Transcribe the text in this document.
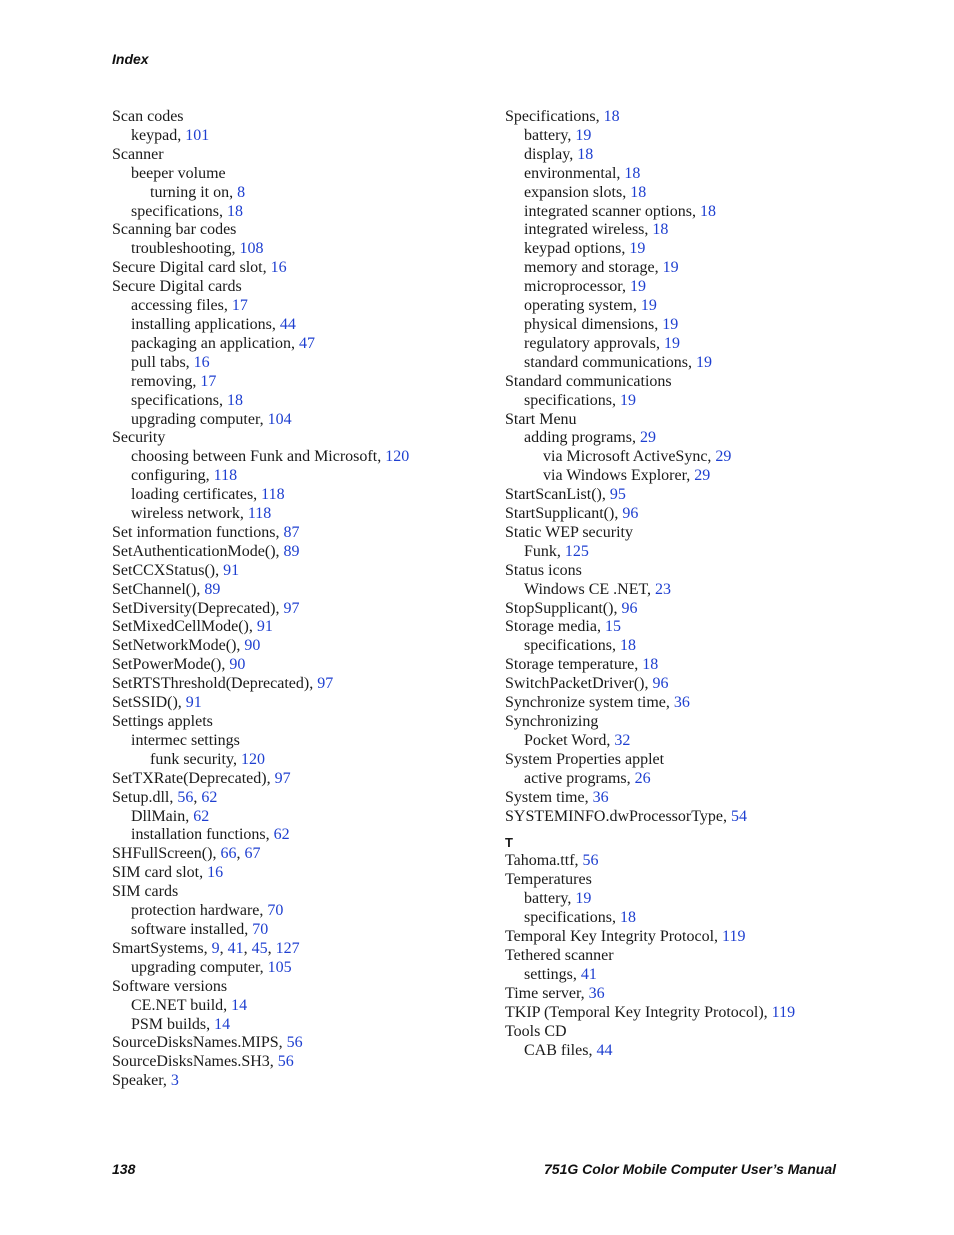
Index
Scan codes
keypad, 101
Scanner
beeper volume
turning it on, 8
specifications, 18
Scanning bar codes
troubleshooting, 108
Secure Digital card slot, 16
Secure Digital cards
accessing files, 17
installing applications, 44
packaging an application, 47
pull tabs, 16
removing, 17
specifications, 18
upgrading computer, 104
Security
choosing between Funk and Microsoft, 120
configuring, 118
loading certificates, 118
wireless network, 118
Set information functions, 87
SetAuthenticationMode(), 89
SetCCXStatus(), 91
SetChannel(), 89
SetDiversity(Deprecated), 97
SetMixedCellMode(), 91
SetNetworkMode(), 90
SetPowerMode(), 90
SetRTSThreshold(Deprecated), 97
SetSSID(), 91
Settings applets
intermec settings
funk security, 120
SetTXRate(Deprecated), 97
Setup.dll, 56, 62
DllMain, 62
installation functions, 62
SHFullScreen(), 66, 67
SIM card slot, 16
SIM cards
protection hardware, 70
software installed, 70
SmartSystems, 9, 41, 45, 127
upgrading computer, 105
Software versions
CE.NET build, 14
PSM builds, 14
SourceDisksNames.MIPS, 56
SourceDisksNames.SH3, 56
Speaker, 3
Specifications, 18
battery, 19
display, 18
environmental, 18
expansion slots, 18
integrated scanner options, 18
integrated wireless, 18
keypad options, 19
memory and storage, 19
microprocessor, 19
operating system, 19
physical dimensions, 19
regulatory approvals, 19
standard communications, 19
Standard communications
specifications, 19
Start Menu
adding programs, 29
via Microsoft ActiveSync, 29
via Windows Explorer, 29
StartScanList(), 95
StartSupplicant(), 96
Static WEP security
Funk, 125
Status icons
Windows CE .NET, 23
StopSupplicant(), 96
Storage media, 15
specifications, 18
Storage temperature, 18
SwitchPacketDriver(), 96
Synchronize system time, 36
Synchronizing
Pocket Word, 32
System Properties applet
active programs, 26
System time, 36
SYSTEMINFO.dwProcessorType, 54
T
Tahoma.ttf, 56
Temperatures
battery, 19
specifications, 18
Temporal Key Integrity Protocol, 119
Tethered scanner
settings, 41
Time server, 36
TKIP (Temporal Key Integrity Protocol), 119
Tools CD
CAB files, 44
138	751G Color Mobile Computer User’s Manual
